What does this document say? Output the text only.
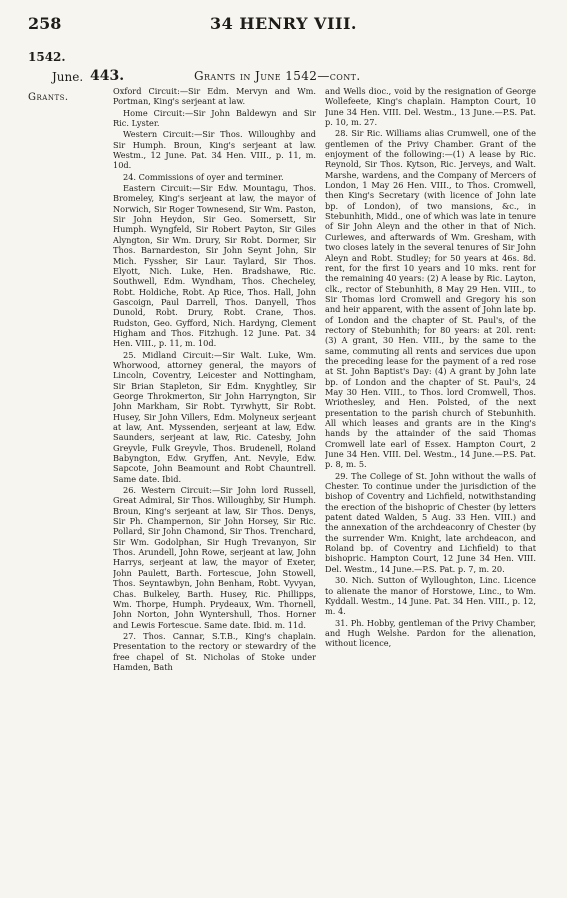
258	34 HENRY VIII.
1542.
June.
Grants.
443.	Grants in June 1542—cont.

Oxford Circuit:—Sir Edm. Mervyn and Wm. Portman, King's serjeant at law.

Home Circuit:—Sir John Baldewyn and Sir Ric. Lyster.

Western Circuit:—Sir Thos. Willoughby and Sir Humph. Broun, King's serjeant at law. Westm., 12 June. Pat. 34 Hen. VIII., p. 11, m. 10d.

24. Commissions of oyer and terminer.

Eastern Circuit:—Sir Edw. Mountagu, Thos. Bromeley, King's serjeant at law, the mayor of Norwich, Sir Roger Townesend, Sir Wm. Paston, Sir John Heydon, Sir Geo. Somersett, Sir Humph. Wyngfeld, Sir Robert Payton, Sir Giles Alyngton, Sir Wm. Drury, Sir Robt. Dormer, Sir Thos. Barnardeston, Sir John Seynt John, Sir Mich. Fyssher, Sir Laur. Taylard, Sir Thos. Elyott, Nich. Luke, Hen. Bradshawe, Ric. Southwell, Edm. Wyndham, Thos. Checheley, Robt. Holdiche, Robt. Ap Rice, Thos. Hall, John Gascoign, Paul Darrell, Thos. Danyell, Thos Dunold, Robt. Drury, Robt. Crane, Thos. Rudston, Geo. Gyfford, Nich. Hardyng, Clement Higham and Thos. Fitzhugh. 12 June. Pat. 34 Hen. VIII., p. 11, m. 10d.

25. Midland Circuit:—Sir Walt. Luke, Wm. Whorwood, attorney general, the mayors of Lincoln, Coventry, Leicester and Nottingham, Sir Brian Stapleton, Sir Edm. Knyghtley, Sir George Throkmerton, Sir John Harryngton, Sir John Markham, Sir Robt. Tyrwhytt, Sir Robt. Husey, Sir John Villers, Edm. Molyneux serjeant at law, Ant. Myssenden, serjeant at law, Edw. Saunders, serjeant at law, Ric. Catesby, John Greyvle, Fulk Greyvle, Thos. Brudenell, Roland Babyngton, Edw. Gryffen, Ant. Nevyle, Edw. Sapcote, John Beamount and Robt Chauntrell. Same date. Ibid.

26. Western Circuit:—Sir John lord Russell, Great Admiral, Sir Thos. Willoughby, Sir Humph. Broun, King's serjeant at law, Sir Thos. Denys, Sir Ph. Champernon, Sir John Horsey, Sir Ric. Pollard, Sir John Chamond, Sir Thos. Trenchard, Sir Wm. Godolphan, Sir Hugh Trevanyon, Sir Thos. Arundell, John Rowe, serjeant at law, John Harrys, serjeant at law, the mayor of Exeter, John Paulett, Barth. Fortescue, John Stowell, Thos. Seyntawbyn, John Benham, Robt. Vyvyan, Chas. Bulkeley, Barth. Husey, Ric. Phillipps, Wm. Thorpe, Humph. Prydeaux, Wm. Thornell, John Norton, John Wyntershull, Thos. Horner and Lewis Fortescue. Same date. Ibid. m. 11d.

27. Thos. Cannar, S.T.B., King's chaplain. Presentation to the rectory or stewardry of the free chapel of St. Nicholas of Stoke under Hamden, Bath

and Wells dioc., void by the resignation of George Wollefeete, King's chaplain. Hampton Court, 10 June 34 Hen. VIII. Del. Westm., 13 June.—P.S. Pat. p. 10, m. 27.

28. Sir Ric. Williams alias Crumwell, one of the gentlemen of the Privy Chamber. Grant of the enjoyment of the following:—(1) A lease by Ric. Reynold, Sir Thos. Kytson, Ric. Jerveys, and Walt. Marshe, wardens, and the Company of Mercers of London, 1 May 26 Hen. VIII., to Thos. Cromwell, then King's Secretary (with licence of John late bp. of London), of two mansions, &c., in Stebunhith, Midd., one of which was late in tenure of Sir John Aleyn and the other in that of Nich. Curlewes, and afterwards of Wm. Gresham, with two closes lately in the several tenures of Sir John Aleyn and Robt. Studley; for 50 years at 46s. 8d. rent, for the first 10 years and 10 mks. rent for the remaining 40 years: (2) A lease by Ric. Layton, clk., rector of Stebunhith, 8 May 29 Hen. VIII., to Sir Thomas lord Cromwell and Gregory his son and heir apparent, with the assent of John late bp. of London and the chapter of St. Paul's, of the rectory of Stebunhith; for 80 years: at 20l. rent: (3) A grant, 30 Hen. VIII., by the same to the same, commuting all rents and services due upon the preceding lease for the payment of a red rose at St. John Baptist's Day: (4) A grant by John late bp. of London and the chapter of St. Paul's, 24 May 30 Hen. VIII., to Thos. lord Cromwell, Thos. Wriothesley, and Hen. Polsted, of the next presentation to the parish church of Stebunhith. All which leases and grants are in the King's hands by the attainder of the said Thomas Cromwell late earl of Essex. Hampton Court, 2 June 34 Hen. VIII. Del. Westm., 14 June.—P.S. Pat. p. 8, m. 5.

29. The College of St. John without the walls of Chester. To continue under the jurisdiction of the bishop of Coventry and Lichfield, notwithstanding the erection of the bishopric of Chester (by letters patent dated Walden, 5 Aug. 33 Hen. VIII.) and the annexation of the archdeaconry of Chester (by the surrender Wm. Knight, late archdeacon, and Roland bp. of Coventry and Lichfield) to that bishopric. Hampton Court, 12 June 34 Hen. VIII. Del. Westm., 14 June.—P.S. Pat. p. 7, m. 20.

30. Nich. Sutton of Wylloughton, Linc. Licence to alienate the manor of Horstowe, Linc., to Wm. Kyddall. Westm., 14 June. Pat. 34 Hen. VIII., p. 12, m. 4.

31. Ph. Hobby, gentleman of the Privy Chamber, and Hugh Welshe. Pardon for the alienation, without licence,
